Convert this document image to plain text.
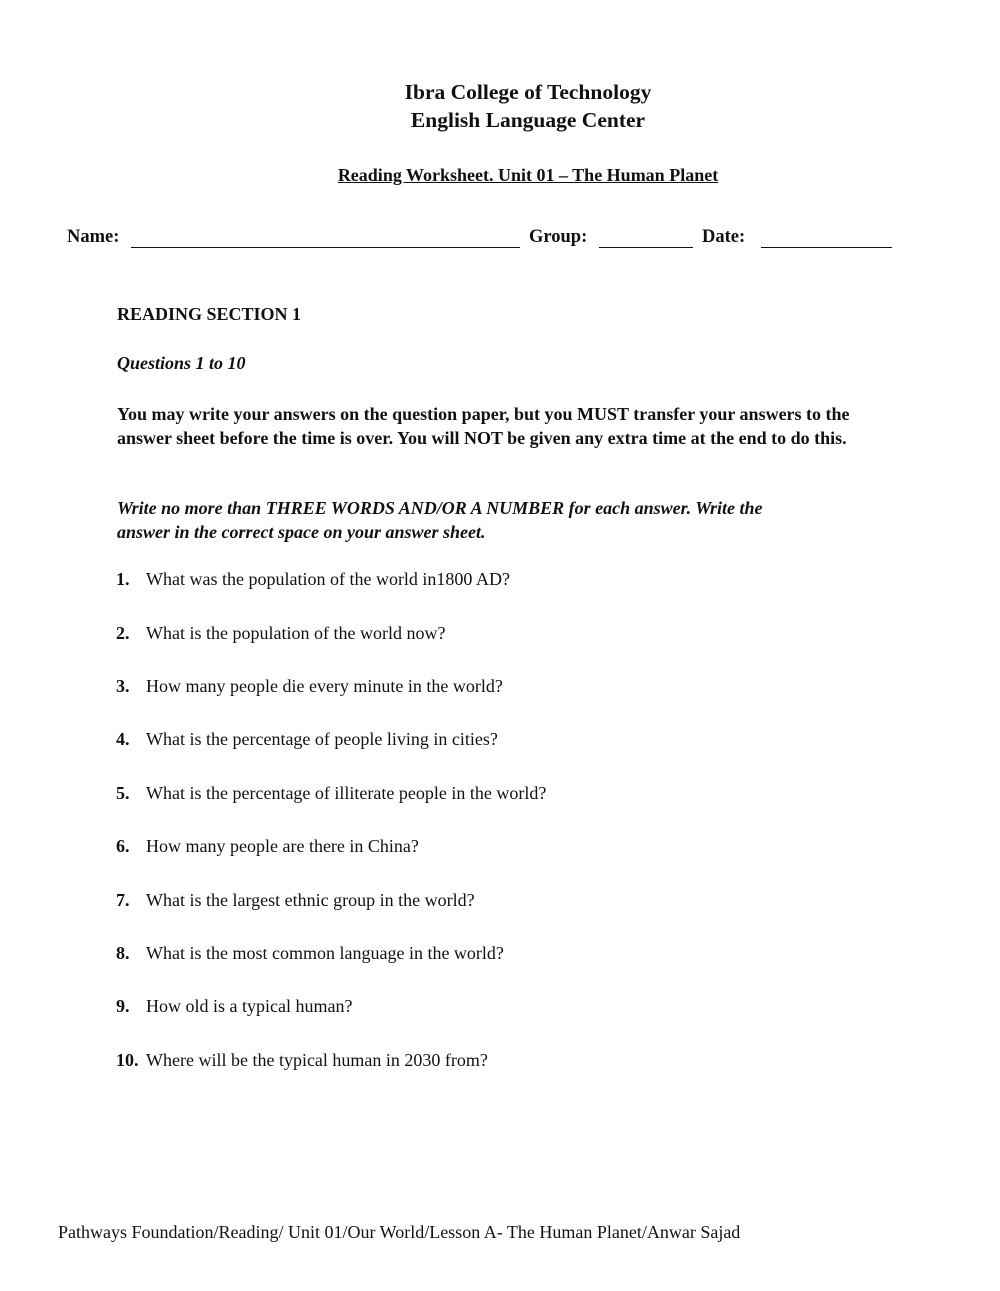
Ibra College of Technology
English Language Center
Reading Worksheet. Unit 01 – The Human Planet
Name:	Group:	Date:
READING SECTION 1
Questions 1 to 10
You may write your answers on the question paper, but you MUST transfer your answers to the answer sheet before the time is over. You will NOT be given any extra time at the end to do this.
Write no more than THREE WORDS AND/OR A NUMBER for each answer. Write the answer in the correct space on your answer sheet.
1. What was the population of the world in1800 AD?
2. What is the population of the world now?
3. How many people die every minute in the world?
4. What is the percentage of people living in cities?
5. What is the percentage of illiterate people in the world?
6. How many people are there in China?
7. What is the largest ethnic group in the world?
8. What is the most common language in the world?
9. How old is a typical human?
10. Where will be the typical human in 2030 from?
Pathways Foundation/Reading/ Unit 01/Our World/Lesson A- The Human Planet/Anwar Sajad
